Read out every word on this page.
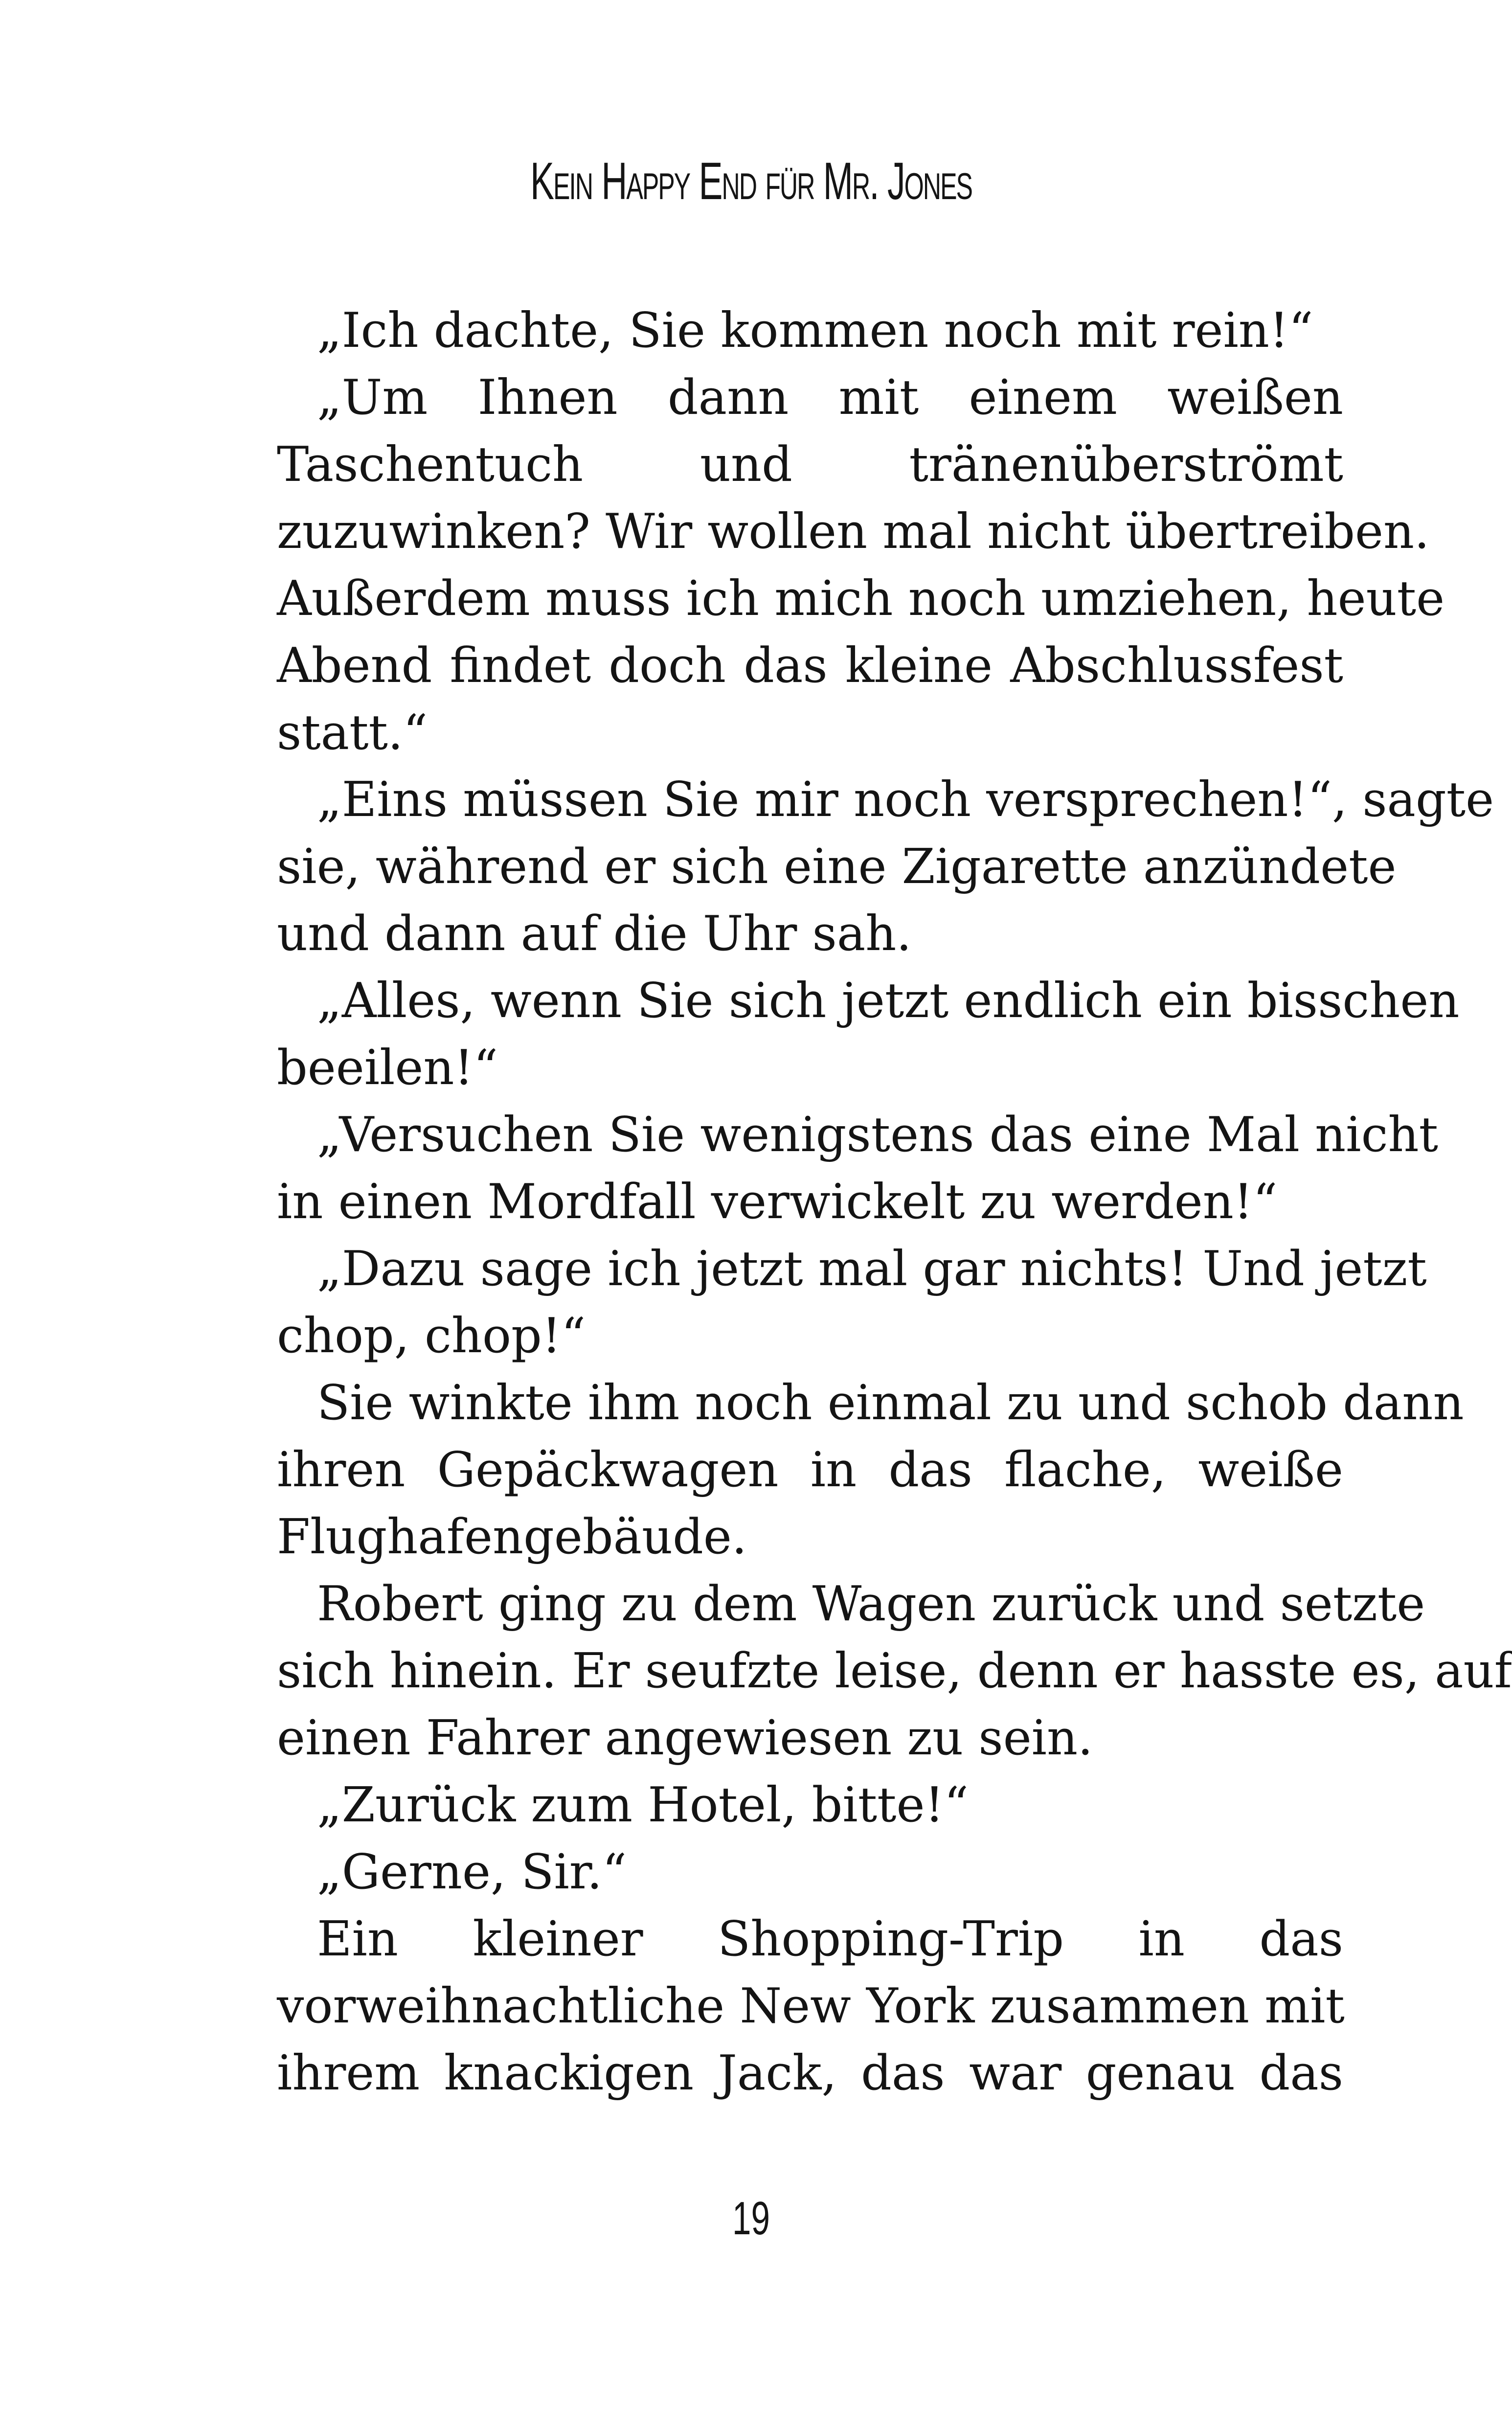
Kein Happy End für Mr. Jones
„Ich dachte, Sie kommen noch mit rein!“
„Um Ihnen dann mit einem weißen
Taschentuch und tränenüberströmt
zuzuwinken? Wir wollen mal nicht übertreiben.
Außerdem muss ich mich noch umziehen, heute
Abend findet doch das kleine Abschlussfest
statt.“
„Eins müssen Sie mir noch versprechen!“, sagte
sie, während er sich eine Zigarette anzündete
und dann auf die Uhr sah.
„Alles, wenn Sie sich jetzt endlich ein bisschen
beeilen!“
„Versuchen Sie wenigstens das eine Mal nicht
in einen Mordfall verwickelt zu werden!“
„Dazu sage ich jetzt mal gar nichts! Und jetzt
chop, chop!“
Sie winkte ihm noch einmal zu und schob dann
ihren Gepäckwagen in das flache, weiße
Flughafengebäude.
Robert ging zu dem Wagen zurück und setzte
sich hinein. Er seufzte leise, denn er hasste es, auf
einen Fahrer angewiesen zu sein.
„Zurück zum Hotel, bitte!“
„Gerne, Sir.“
Ein kleiner Shopping-Trip in das
vorweihnachtliche New York zusammen mit
ihrem knackigen Jack, das war genau das
19
